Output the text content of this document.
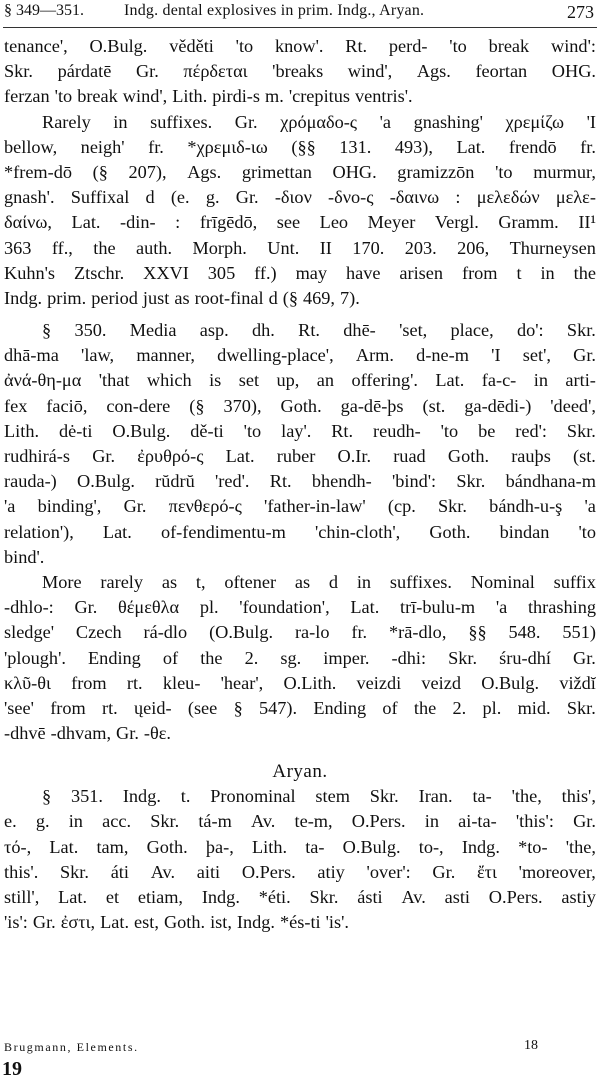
§ 349—351.	Indg. dental explosives in prim. Indg., Aryan.	273
tenance', O.Bulg. věděti 'to know'. Rt. perd- 'to break wind':
Skr. párdatē Gr. πέρδεται 'breaks wind', Ags. feortan OHG.
ferzan 'to break wind', Lith. pirdi-s m. 'crepitus ventris'.
Rarely in suffixes. Gr. χρόμαδο-ς 'a gnashing' χρεμίζω 'I
bellow, neigh' fr. *χρεμιδ-ιω (§§ 131. 493), Lat. frendō fr.
*frem-dō (§ 207), Ags. grimettan OHG. gramizzōn 'to murmur,
gnash'. Suffixal d (e. g. Gr. -διον -δνο-ς -δαινω : μελεδών μελε-
δαίνω, Lat. -din- : frīgēdō, see Leo Meyer Vergl. Gramm. II¹
363 ff., the auth. Morph. Unt. II 170. 203. 206, Thurneysen
Kuhn's Ztschr. XXVI 305 ff.) may have arisen from t in the
Indg. prim. period just as root-final d (§ 469, 7).
§ 350. Media asp. dh. Rt. dhē- 'set, place, do': Skr.
dhā-ma 'law, manner, dwelling-place', Arm. d-ne-m 'I set', Gr.
ἀνά-θη-μα 'that which is set up, an offering'. Lat. fa-c- in arti-
fex faciō, con-dere (§ 370), Goth. ga-dē-þs (st. ga-dēdi-) 'deed',
Lith. dė-ti O.Bulg. dě-ti 'to lay'. Rt. reudh- 'to be red': Skr.
rudhirá-s Gr. ἐρυθρό-ς Lat. ruber O.Ir. ruad Goth. rauþs (st.
rauda-) O.Bulg. rŭdrŭ 'red'. Rt. bhendh- 'bind': Skr. bándhana-m
'a binding', Gr. πενθερό-ς 'father-in-law' (cp. Skr. bándh-u-ş 'a
relation'), Lat. of-fendimentu-m 'chin-cloth', Goth. bindan 'to
bind'.
More rarely as t, oftener as d in suffixes. Nominal suffix
-dhlo-: Gr. θέμεθλα pl. 'foundation', Lat. trī-bulu-m 'a thrashing
sledge' Czech rá-dlo (O.Bulg. ra-lo fr. *rā-dlo, §§ 548. 551)
'plough'. Ending of the 2. sg. imper. -dhi: Skr. śru-dhí Gr.
κλῦ-θι from rt. kleu- 'hear', O.Lith. veizdi veizd O.Bulg. viždĭ
'see' from rt. ųeid- (see § 547). Ending of the 2. pl. mid. Skr.
-dhvē -dhvam, Gr. -θε.
Aryan.
§ 351. Indg. t. Pronominal stem Skr. Iran. ta- 'the, this',
e. g. in acc. Skr. tá-m Av. te-m, O.Pers. in ai-ta- 'this': Gr.
τό-, Lat. tam, Goth. þa-, Lith. ta- O.Bulg. to-, Indg. *to- 'the,
this'. Skr. áti Av. aiti O.Pers. atiy 'over': Gr. ἔτι 'moreover,
still', Lat. et etiam, Indg. *éti. Skr. ásti Av. asti O.Pers. astiy
'is': Gr. ἐστι, Lat. est, Goth. ist, Indg. *és-ti 'is'.
Brugmann, Elements.	18
19
